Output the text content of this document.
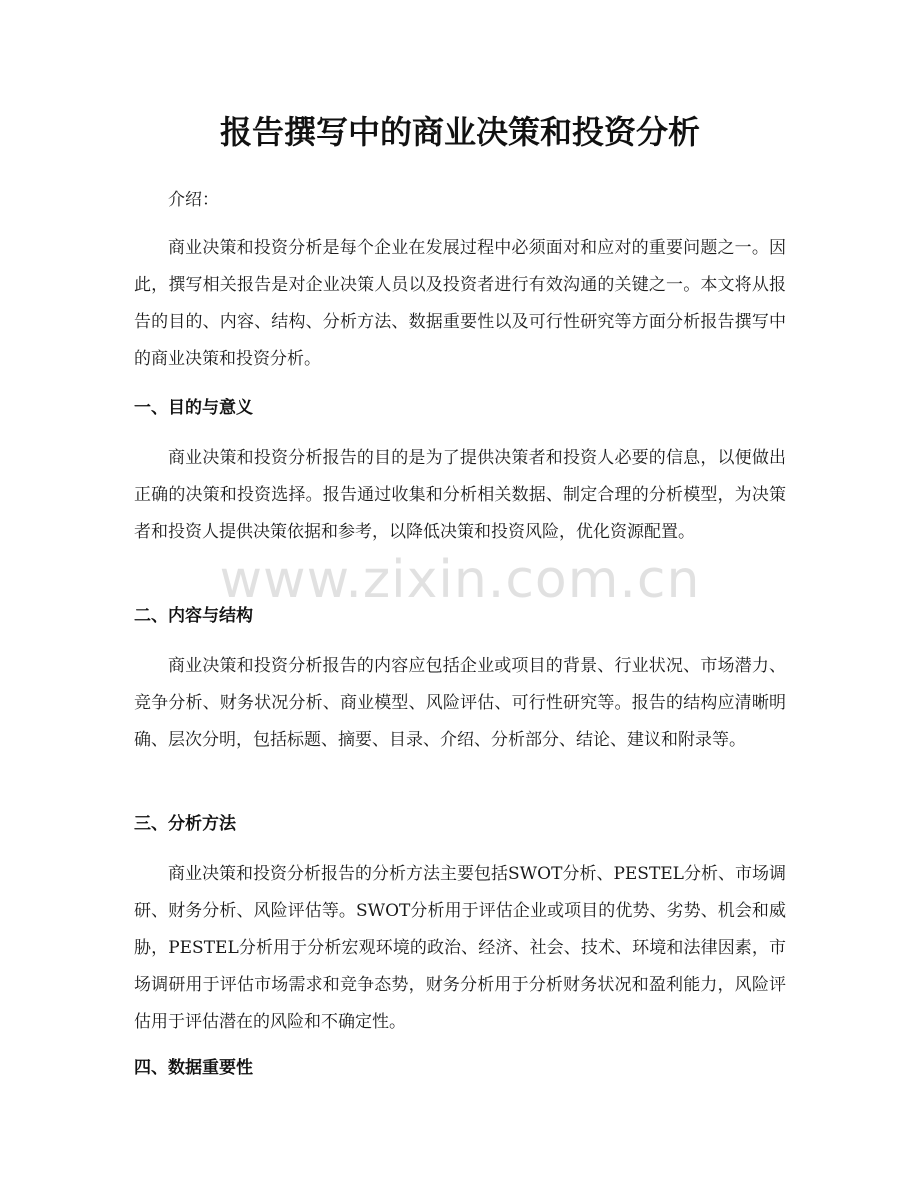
报告撰写中的商业决策和投资分析

介绍：

商业决策和投资分析是每个企业在发展过程中必须面对和应对的重要问题之一。因此，撰写相关报告是对企业决策人员以及投资者进行有效沟通的关键之一。本文将从报告的目的、内容、结构、分析方法、数据重要性以及可行性研究等方面分析报告撰写中的商业决策和投资分析。

一、目的与意义

商业决策和投资分析报告的目的是为了提供决策者和投资人必要的信息，以便做出正确的决策和投资选择。报告通过收集和分析相关数据、制定合理的分析模型，为决策者和投资人提供决策依据和参考，以降低决策和投资风险，优化资源配置。

二、内容与结构

商业决策和投资分析报告的内容应包括企业或项目的背景、行业状况、市场潜力、竞争分析、财务状况分析、商业模型、风险评估、可行性研究等。报告的结构应清晰明确、层次分明，包括标题、摘要、目录、介绍、分析部分、结论、建议和附录等。

三、分析方法

商业决策和投资分析报告的分析方法主要包括SWOT分析、PESTEL分析、市场调研、财务分析、风险评估等。SWOT分析用于评估企业或项目的优势、劣势、机会和威胁，PESTEL分析用于分析宏观环境的政治、经济、社会、技术、环境和法律因素，市场调研用于评估市场需求和竞争态势，财务分析用于分析财务状况和盈利能力，风险评估用于评估潜在的风险和不确定性。

四、数据重要性
www.zixin.com.cn
